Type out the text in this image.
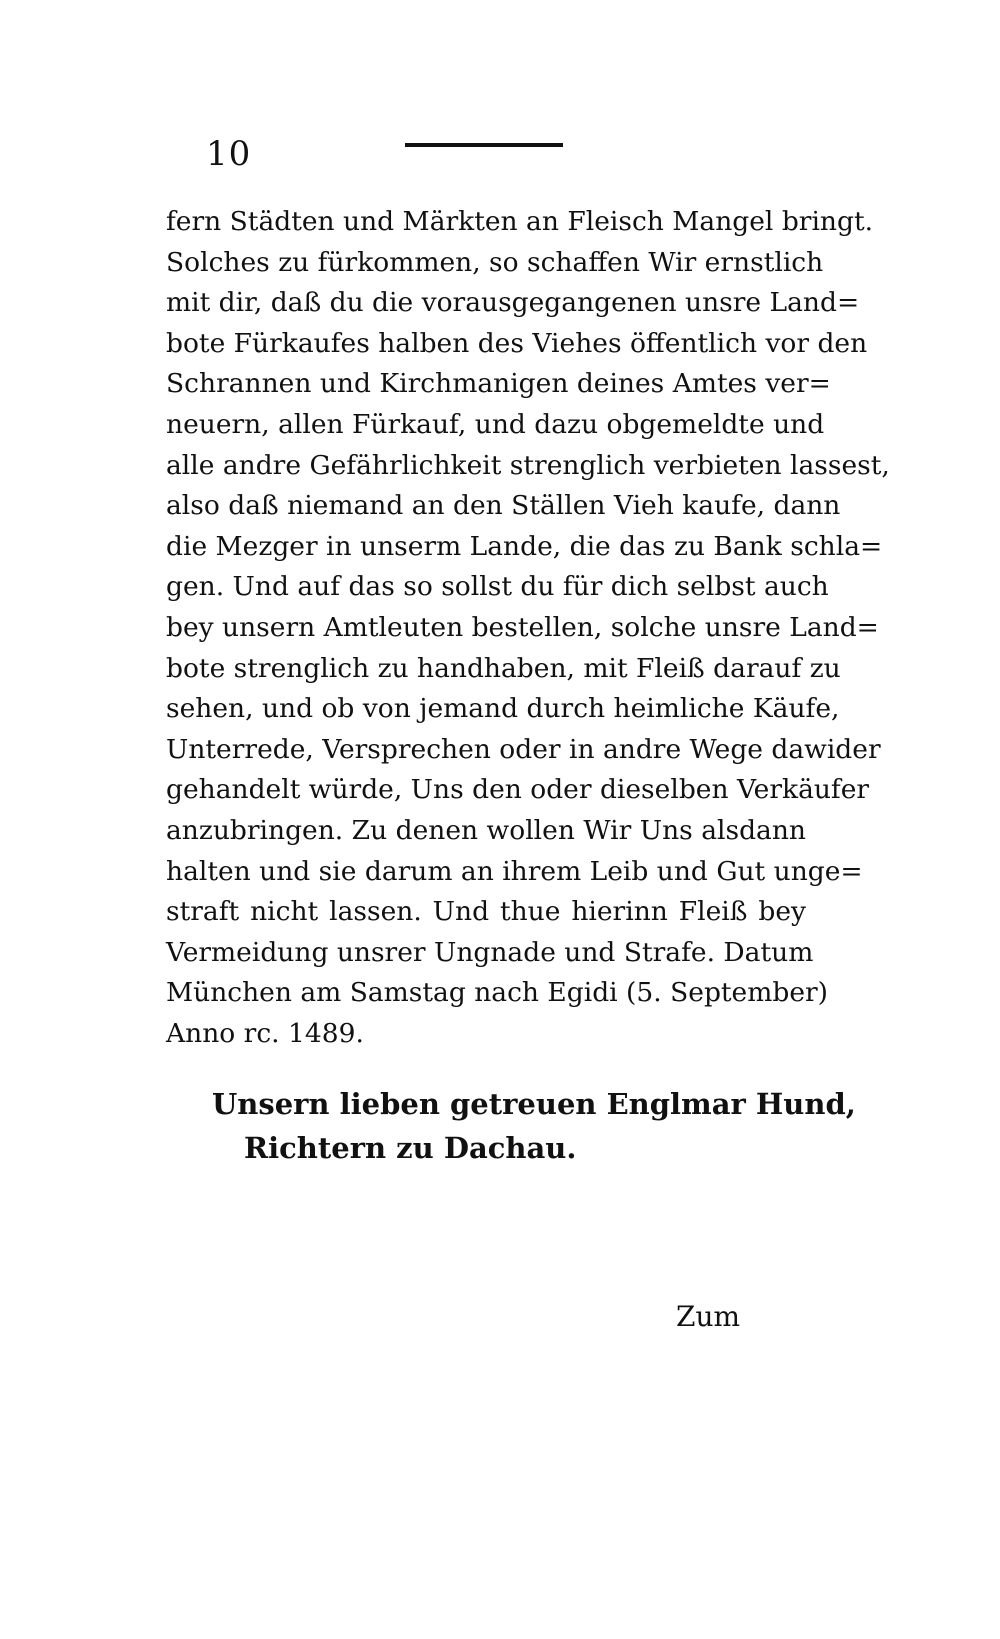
10
fern Städten und Märkten an Fleisch Mangel bringt.
Solches zu fürkommen, so schaffen Wir ernstlich
mit dir, daß du die vorausgegangenen unsre Land=
bote Fürkaufes halben des Viehes öffentlich vor den
Schrannen und Kirchmanigen deines Amtes ver=
neuern, allen Fürkauf, und dazu obgemeldte und
alle andre Gefährlichkeit strenglich verbieten lassest,
also daß niemand an den Ställen Vieh kaufe, dann
die Mezger in unserm Lande, die das zu Bank schla=
gen. Und auf das so sollst du für dich selbst auch
bey unsern Amtleuten bestellen, solche unsre Land=
bote strenglich zu handhaben, mit Fleiß darauf zu
sehen, und ob von jemand durch heimliche Käufe,
Unterrede, Versprechen oder in andre Wege dawider
gehandelt würde, Uns den oder dieselben Verkäufer
anzubringen. Zu denen wollen Wir Uns alsdann
halten und sie darum an ihrem Leib und Gut unge=
straft nicht lassen. Und thue hierinn Fleiß bey
Vermeidung unsrer Ungnade und Strafe. Datum
München am Samstag nach Egidi (5. September)
Anno rc. 1489.
Unsern lieben getreuen Englmar Hund,
Richtern zu Dachau.
Zum
